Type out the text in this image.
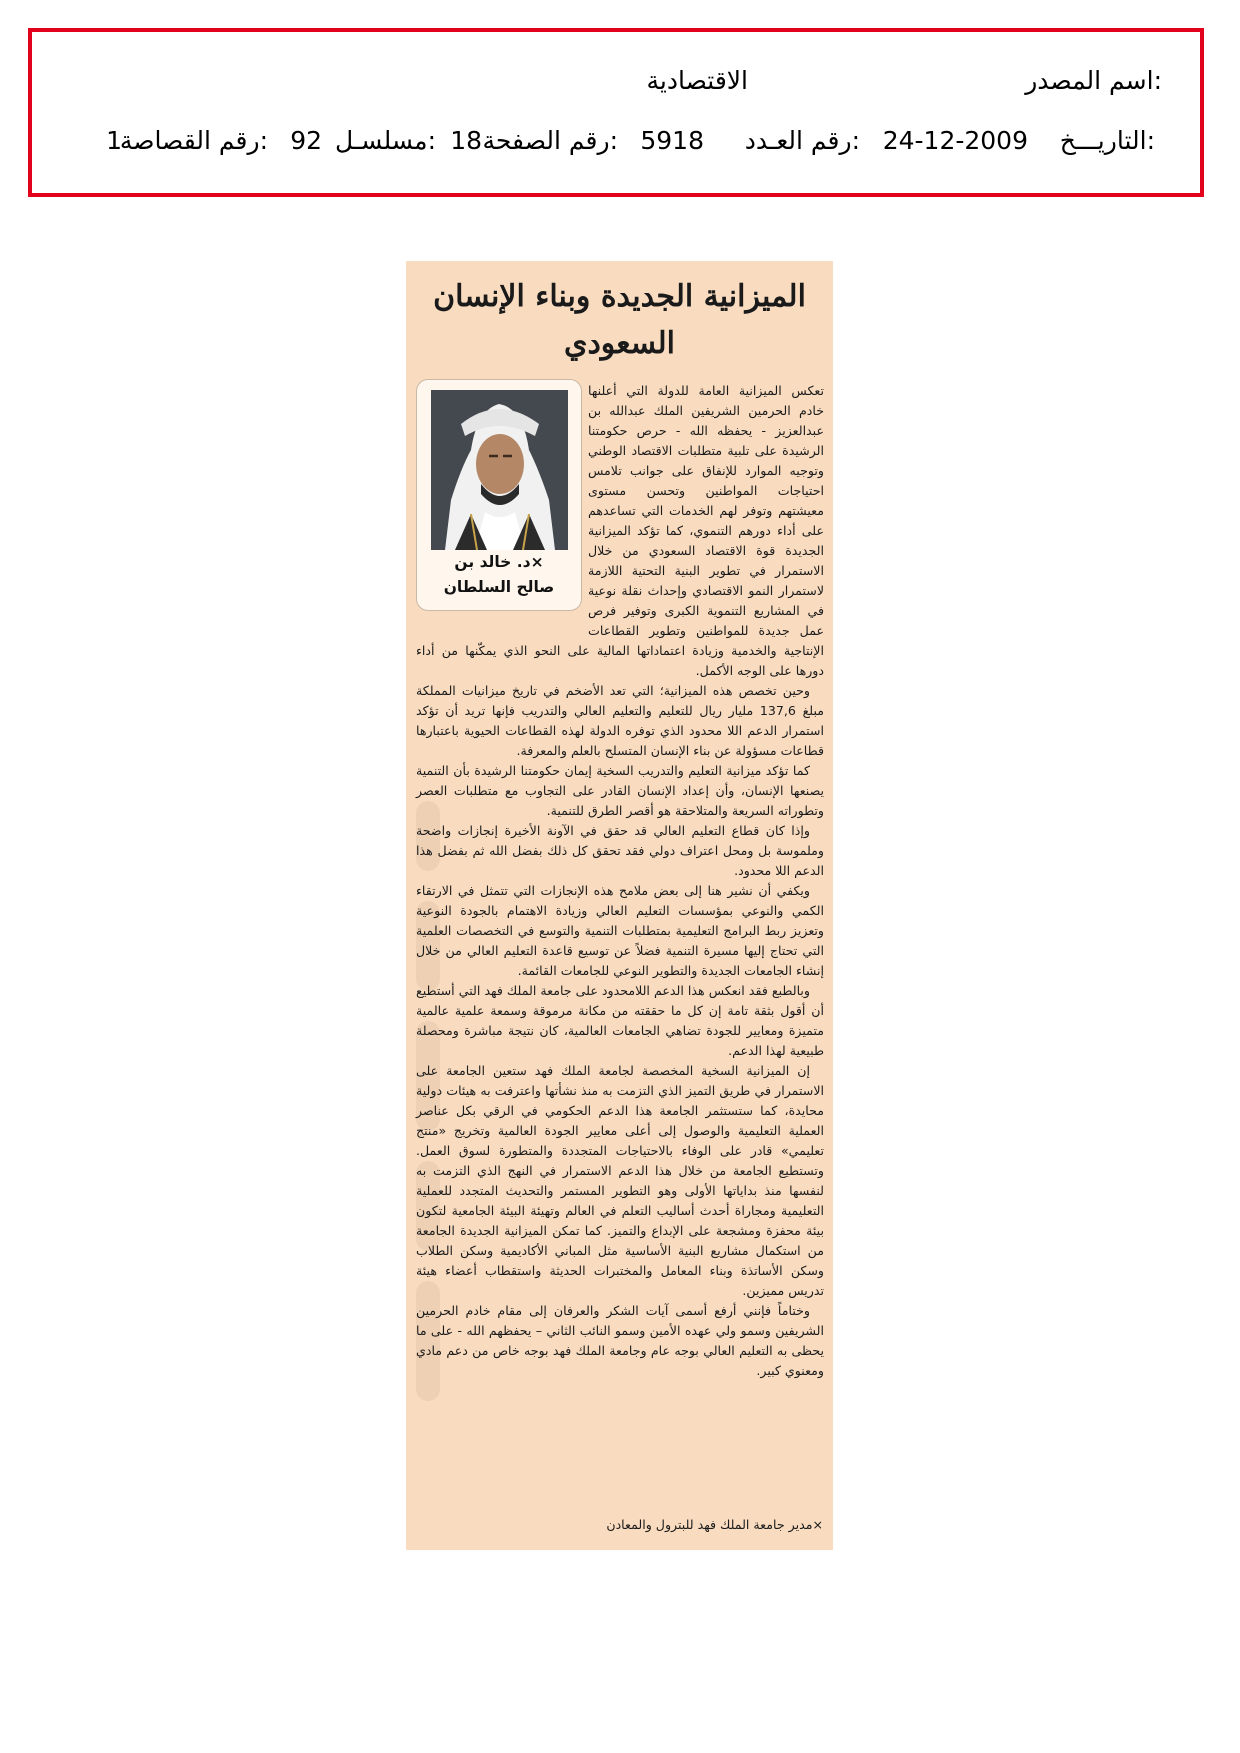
اسم المصدر:
الاقتصادية
التاريـــخ:
24-12-2009
رقم العـدد:
5918
رقم الصفحة:
18
مسلسـل:
92
رقم القصاصة:
1
الميزانية الجديدة وبناء الإنسان
السعودي
×د. خالد بن
صالح السلطان

تعكس الميزانية العامة للدولة التي أعلنها خادم الحرمين الشريفين الملك عبدالله بن عبدالعزيز - يحفظه الله - حرص حكومتنا الرشيدة على تلبية متطلبات الاقتصاد الوطني وتوجيه الموارد للإنفاق على جوانب تلامس احتياجات المواطنين وتحسن مستوى معيشتهم وتوفر لهم الخدمات التي تساعدهم على أداء دورهم التنموي، كما تؤكد الميزانية الجديدة قوة الاقتصاد السعودي من خلال الاستمرار في تطوير البنية التحتية اللازمة لاستمرار النمو الاقتصادي وإحداث نقلة نوعية في المشاريع التنموية الكبرى وتوفير فرص عمل جديدة للمواطنين وتطوير القطاعات الإنتاجية والخدمية وزيادة اعتماداتها المالية على النحو الذي يمكّنها من أداء دورها على الوجه الأكمل.

وحين تخصص هذه الميزانية؛ التي تعد الأضخم في تاريخ ميزانيات المملكة مبلغ 137,6 مليار ريال للتعليم والتعليم العالي والتدريب فإنها تريد أن تؤكد استمرار الدعم اللا محدود الذي توفره الدولة لهذه القطاعات الحيوية باعتبارها قطاعات مسؤولة عن بناء الإنسان المتسلح بالعلم والمعرفة.

كما تؤكد ميزانية التعليم والتدريب السخية إيمان حكومتنا الرشيدة بأن التنمية يصنعها الإنسان، وأن إعداد الإنسان القادر على التجاوب مع متطلبات العصر وتطوراته السريعة والمتلاحقة هو أقصر الطرق للتنمية.

وإذا كان قطاع التعليم العالي قد حقق في الآونة الأخيرة إنجازات واضحة وملموسة بل ومحل اعتراف دولي فقد تحقق كل ذلك بفضل الله ثم بفضل هذا الدعم اللا محدود.

ويكفي أن نشير هنا إلى بعض ملامح هذه الإنجازات التي تتمثل في الارتقاء الكمي والنوعي بمؤسسات التعليم العالي وزيادة الاهتمام بالجودة النوعية وتعزيز ربط البرامج التعليمية بمتطلبات التنمية والتوسع في التخصصات العلمية التي تحتاج إليها مسيرة التنمية فضلاً عن توسيع قاعدة التعليم العالي من خلال إنشاء الجامعات الجديدة والتطوير النوعي للجامعات القائمة.

وبالطبع فقد انعكس هذا الدعم اللامحدود على جامعة الملك فهد التي أستطيع أن أقول بثقة تامة إن كل ما حققته من مكانة مرموقة وسمعة علمية عالمية متميزة ومعايير للجودة تضاهي الجامعات العالمية، كان نتيجة مباشرة ومحصلة طبيعية لهذا الدعم.

إن الميزانية السخية المخصصة لجامعة الملك فهد ستعين الجامعة على الاستمرار في طريق التميز الذي التزمت به منذ نشأتها واعترفت به هيئات دولية محايدة، كما ستستثمر الجامعة هذا الدعم الحكومي في الرقي بكل عناصر العملية التعليمية والوصول إلى أعلى معايير الجودة العالمية وتخريج «منتج تعليمي» قادر على الوفاء بالاحتياجات المتجددة والمتطورة لسوق العمل. وتستطيع الجامعة من خلال هذا الدعم الاستمرار في النهج الذي التزمت به لنفسها منذ بداياتها الأولى وهو التطوير المستمر والتحديث المتجدد للعملية التعليمية ومجاراة أحدث أساليب التعلم في العالم وتهيئة البيئة الجامعية لتكون بيئة محفزة ومشجعة على الإبداع والتميز. كما تمكن الميزانية الجديدة الجامعة من استكمال مشاريع البنية الأساسية مثل المباني الأكاديمية وسكن الطلاب وسكن الأساتذة وبناء المعامل والمختبرات الحديثة واستقطاب أعضاء هيئة تدريس مميزين.

وختاماً فإنني أرفع أسمى آيات الشكر والعرفان إلى مقام خادم الحرمين الشريفين وسمو ولي عهده الأمين وسمو النائب الثاني – يحفظهم الله - على ما يحظى به التعليم العالي بوجه عام وجامعة الملك فهد بوجه خاص من دعم مادي ومعنوي كبير.

×مدير جامعة الملك فهد للبترول والمعادن
